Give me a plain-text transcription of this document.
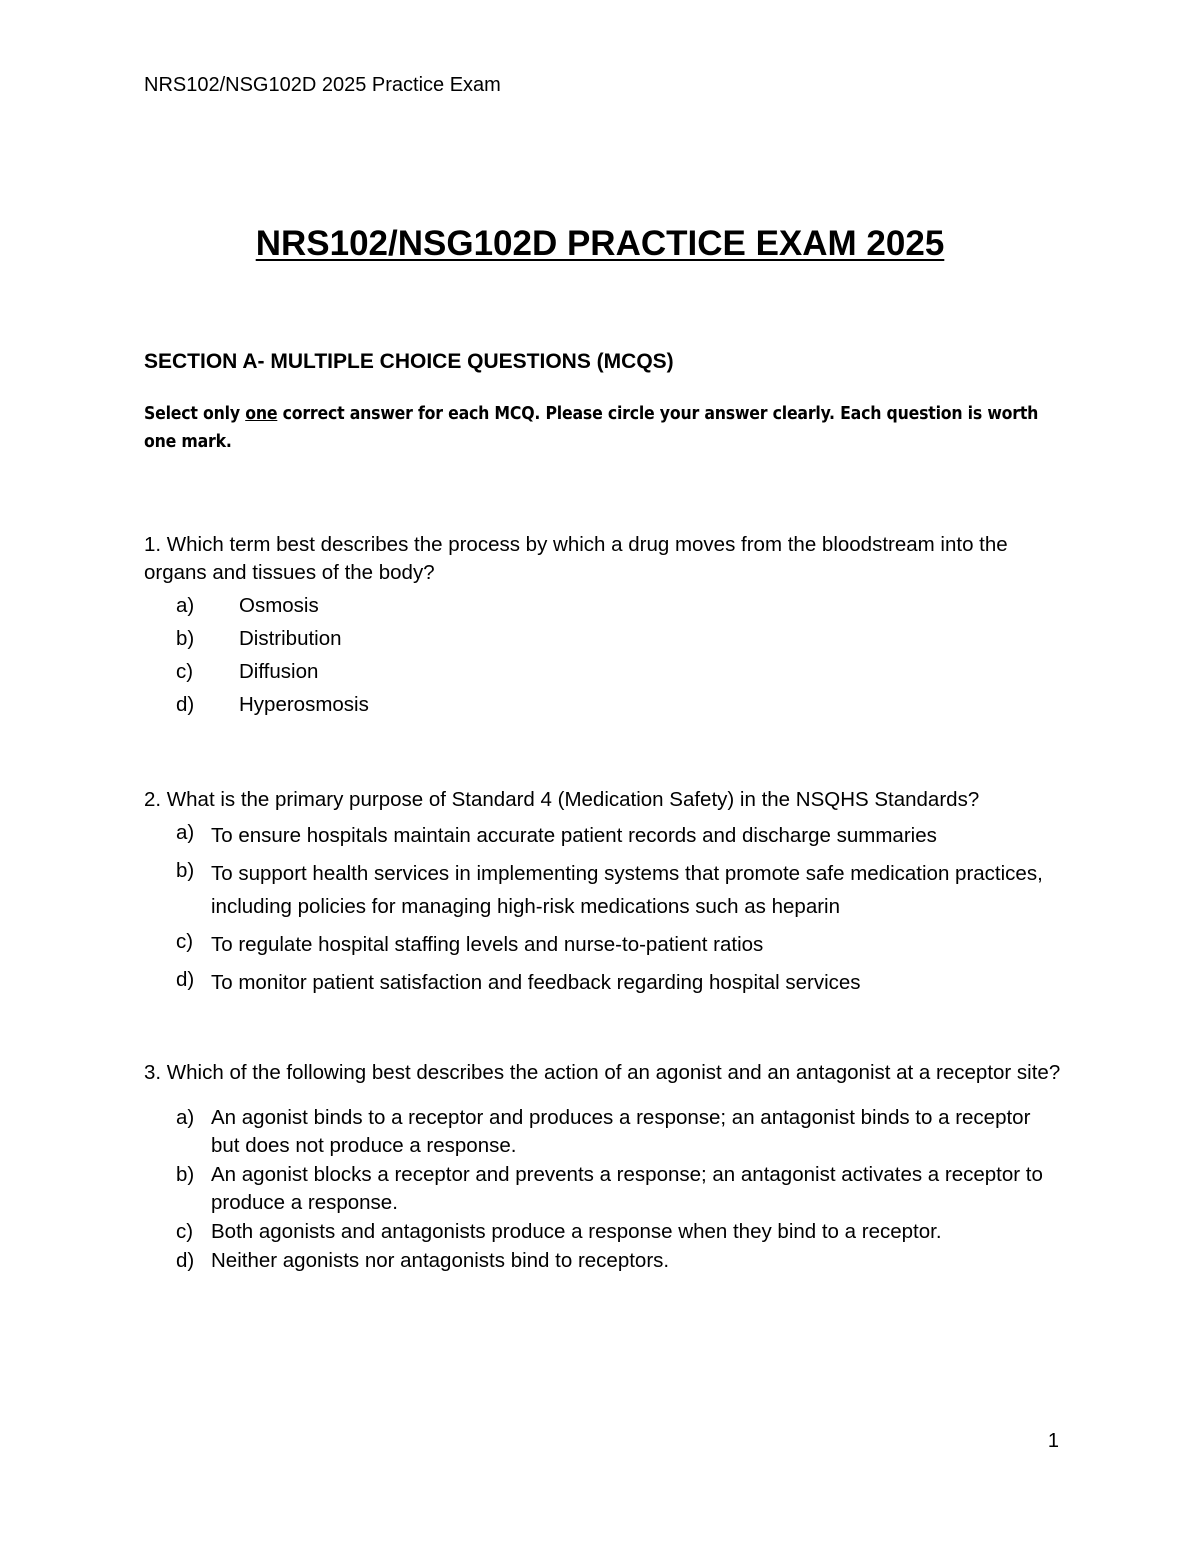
NRS102/NSG102D 2025 Practice Exam
NRS102/NSG102D PRACTICE EXAM 2025
SECTION A- MULTIPLE CHOICE QUESTIONS (MCQS)
Select only one correct answer for each MCQ. Please circle your answer clearly. Each question is worth one mark.

1. Which term best describes the process by which a drug moves from the bloodstream into the organs and tissues of the body?

a) Osmosis
b) Distribution
c) Diffusion
d) Hyperosmosis

2. What is the primary purpose of Standard 4 (Medication Safety) in the NSQHS Standards?

a) To ensure hospitals maintain accurate patient records and discharge summaries
b) To support health services in implementing systems that promote safe medication practices, including policies for managing high-risk medications such as heparin
c) To regulate hospital staffing levels and nurse-to-patient ratios
d) To monitor patient satisfaction and feedback regarding hospital services

3. Which of the following best describes the action of an agonist and an antagonist at a receptor site?

a) An agonist binds to a receptor and produces a response; an antagonist binds to a receptor but does not produce a response.
b) An agonist blocks a receptor and prevents a response; an antagonist activates a receptor to produce a response.
c) Both agonists and antagonists produce a response when they bind to a receptor.
d) Neither agonists nor antagonists bind to receptors.
1
